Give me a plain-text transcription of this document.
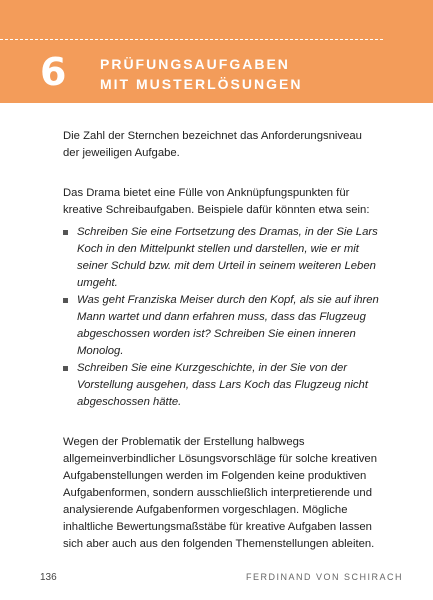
6 PRÜFUNGSAUFGABEN
MIT MUSTERLÖSUNGEN

Die Zahl der Sternchen bezeichnet das Anforderungsniveau der jeweiligen Aufgabe.

Das Drama bietet eine Fülle von Anknüpfungspunkten für kreative Schreibaufgaben. Beispiele dafür könnten etwa sein:

Schreiben Sie eine Fortsetzung des Dramas, in der Sie Lars Koch in den Mittelpunkt stellen und darstellen, wie er mit seiner Schuld bzw. mit dem Urteil in seinem weiteren Leben umgeht.
Was geht Franziska Meiser durch den Kopf, als sie auf ihren Mann wartet und dann erfahren muss, dass das Flugzeug abgeschossen worden ist? Schreiben Sie einen inneren Monolog.
Schreiben Sie eine Kurzgeschichte, in der Sie von der Vorstellung ausgehen, dass Lars Koch das Flugzeug nicht abgeschossen hätte.

Wegen der Problematik der Erstellung halbwegs allgemeinverbindlicher Lösungsvorschläge für solche kreativen Aufgabenstellungen werden im Folgenden keine produktiven Aufgabenformen, sondern ausschließlich interpretierende und analysierende Aufgabenformen vorgeschlagen. Mögliche inhaltliche Bewertungsmaßstäbe für kreative Aufgaben lassen sich aber auch aus den folgenden Themenstellungen ableiten.

136	FERDINAND VON SCHIRACH
